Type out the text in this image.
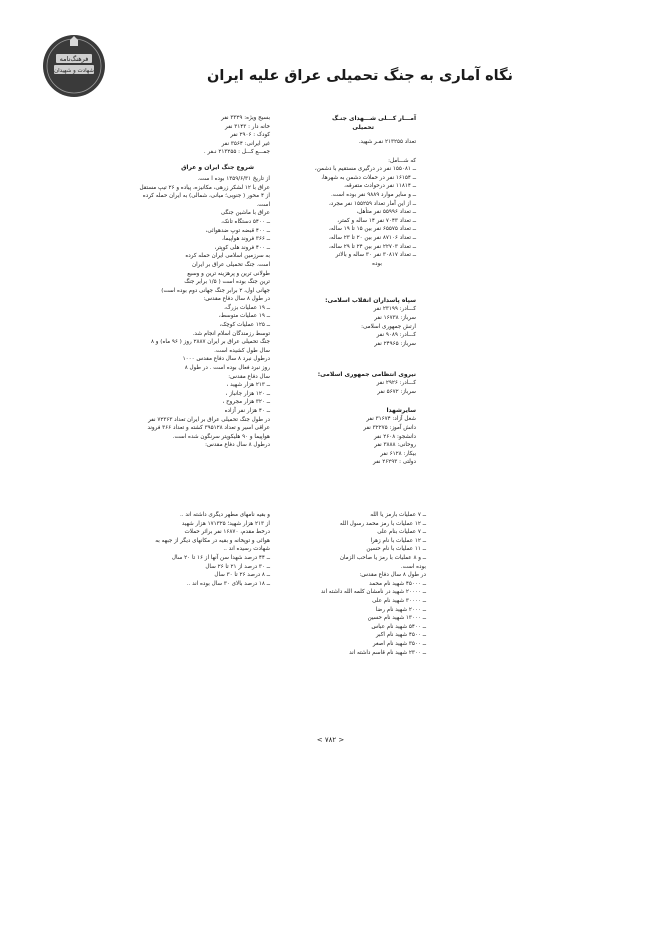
فرهنگ‌نامه
شهادت و شهیدان	نگاه آماری به جنگ تحمیلی عراق علیه ایران

آمـــار کـــلی شـــهدای جنـگ

تحمیلی

تعداد ۲۱۳۲۵۵ نفـر شهید.

که شـــامل:

ــ ۱۵۵۰۸۱ نفر در درگیری مستقیم با دشمن،

ــ ۱۶۱۵۴ نفر در حملات دشمن به شهرها،

ــ ۱۱۸۱۴ نفر درحوادث متفرقه،

ــ و سایر موارد ۹۸۸۹ نفر بوده است.

ــ از این آمار تعداد ۱۵۵۲۵۹ نفر مجرد،

ــ تعداد ۵۵۹۹۶ نفر متأهل،

ــ تعداد ۷۰۴۳ نفر ۱۴ ساله و کمتر،

ــ تعداد ۶۵۵۷۵ نفر بین ۱۵ تا ۱۹ ساله،

ــ تعداد ۸۷۱۰۶ نفر بین ۲۰ تا ۲۳ ساله،

ــ تعداد ۲۲۷۰۳ نفر بین ۲۴ تا ۲۹ ساله،

ــ تعداد ۳۰۸۱۷ نفر ۳۰ ساله و بالاتر

بوده

سپاه پاسداران انقلاب اسلامی:

کـــادر: ۲۳۱۹۹ نفر

سرباز: ۱۶۷۳۸ نفر

ارتش جمهوری اسلامی:

کـــادر: ۹۰۸۹ نفر

سرباز: ۲۴۹۶۵ نفر

نیروی انتظامی جمهوری اسلامی:

کـــادر: ۲۹۲۶ نفر

سرباز: ۵۶۷۲ نفر

سایرشهدا

شغل آزاد: ۳۱۶۷۴ نفر

دانش آموز: ۳۲۲۷۵ نفر

دانشجو: ۲۶۰۸ نفر

روحانی: ۳۸۸۸ نفر

بیکار: ۶۱۲۸ نفر

دولتی : ۲۶۲۹۳ نفر

بسیج ویژه: ۳۳۲۹ نفر

خانه دار : ۳۱۴۳ نفر

کودک : ۲۹۰۶ نفر

غیر ایرانی: ۳۵۶۴ نفر

جمـــع کـــل : ۲۱۳۲۵۵ نـفر .

شروع جنگ ایران و عراق

از تاریخ ۱۳۵۹/۶/۳۱ بوده ا ست.

عراق با ۱۲ لشکر زرهی، مکانیزه، پیاده و ۲۶ تیپ مستقل

از ۴ محور ( جنوبی؛ میانی، شمالی) به ایران حمله کرده

است.

عراق با ماشین جنگی

ــ ۵۴۰۰ دستگاه تانک،

ــ ۴۰۰ قبضه توپ ضدهوائی،

ــ ۳۶۶ فروند هواپیما،

ــ ۴۰۰ فروند هلی کوپتر،

به سرزمین اسلامی ایران حمله کرده

است. جنگ تحمیلی عراق بر ایران

طولانی ترین و پرهزینه ترین و وسیع

ترین جنگ بوده است ( ۱/۵ برابر جنگ

جهانی اول، ۲ برابر جنگ جهانی دوم بوده است)

در طول ۸ سال دفاع مقدس:

ــ ۱۹ عملیات بزرگ،

ــ ۱۹ عملیات متوسط،

ــ ۱۲۵ عملیات کوچک،

توسط رزمندگان اسلام انجام شد.

جنگ تحمیلی عراق بر ایران ۲۸۸۷ روز ( ۹۶ ماه) و ۸

سال طول کشیده است.

درطول نبرد ۸ سال دفاع مقدس ۱۰۰۰

روز نبرد فعال بوده است . در طول ۸

سال دفاع مقدس:

ــ ۲۱۳ هزار شهید ،

ــ ۱۲۰ هزار جانباز ،

ــ ۳۲۰ هزار مجروح ،

ــ ۴۰ هزار نفر آزاده

در طول جنگ تحمیلی عراق بر ایران تعداد ۷۲۳۶۳ نفر

عراقی اسیر و تعداد ۳۹۵۱۲۸ کشته و تعداد ۳۶۶ فروند

هواپیما و ۹۰ هلیکوپتر سرنگون شده است.

درطول ۸ سال دفاع مقدس:

ــ ۷ عملیات بارمز یا الله

ــ ۱۲ عملیات با رمز محمد رسول الله

ــ ۷ عملیات بنام علی

ــ ۱۲ عملیات با نام زهرا

ــ ۱۱ عملیات با نام حسین

ــ و ۸ عملیات با رمز یا صاحب الزمان

بوده است.

در طول ۸ سال دفاع مقدس:

ــ ۴۵۰۰۰ شهید نام محمد

ــ ۲۰۰۰۰ شهید در نامشان کلمه الله داشته اند

ــ ۳۰۰۰۰ شهید نام علی

ــ ۲۰۰۰ شهید نام رضا

ــ ۱۳۰۰۰ شهید نام حسین

ــ ۵۴۰۰ شهید نام عباس

ــ ۴۵۰۰ شهید نام اکبر

ــ ۳۵۰۰ شهید نام اصغر

ــ ۲۳۰۰ شهید نام قاسم داشته اند

و بقیه نامهای مطهر دیگری داشته اند ..

از ۲۱۳ هزار شهید؛ ۱۷۱۳۲۵ هزار شهید

درخط مقدم، ۱۶۸۷۰ نفر براثر حملات

هوائی و توپخانه و بقیه در مکانهای دیگر از جبهه به

شهادت رسیده اند ..

ــ ۴۴ درصد شهدا سن آنها از ۱۶ تا ۲۰ سال

ــ ۳۰ درصد از ۲۱ تا ۲۶ سال

ــ ۸ درصد ۲۶ تا ۳۰ سال

ــ ۱۸ درصد بالای ۳۰ سال بوده اند ..

< ۷۸۲ >
